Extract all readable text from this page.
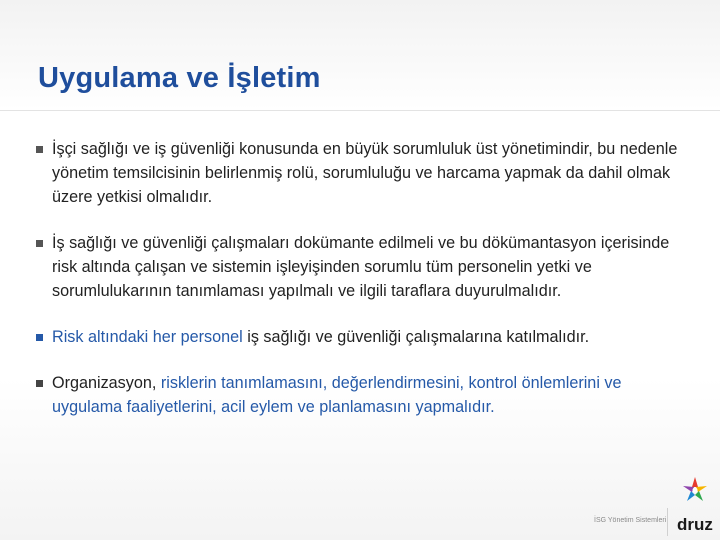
Uygulama ve İşletim
İşçi sağlığı ve iş güvenliği konusunda en büyük sorumluluk üst yönetimindir, bu nedenle yönetim temsilcisinin belirlenmiş rolü, sorumluluğu ve harcama yapmak da dahil olmak üzere yetkisi olmalıdır.
İş sağlığı ve güvenliği çalışmaları dokümante edilmeli ve bu dökümantasyon içerisinde risk altında çalışan ve sistemin işleyişinden sorumlu tüm personelin yetki ve sorumlulukarının tanımlaması yapılmalı ve ilgili taraflara duyurulmalıdır.
Risk altındaki her personel iş sağlığı ve güvenliği çalışmalarına katılmalıdır.
Organizasyon, risklerin tanımlamasını, değerlendirmesini, kontrol önlemlerini ve uygulama faaliyetlerini, acil eylem ve planlamasını yapmalıdır.
İSG Yönetim Sistemleri druz
